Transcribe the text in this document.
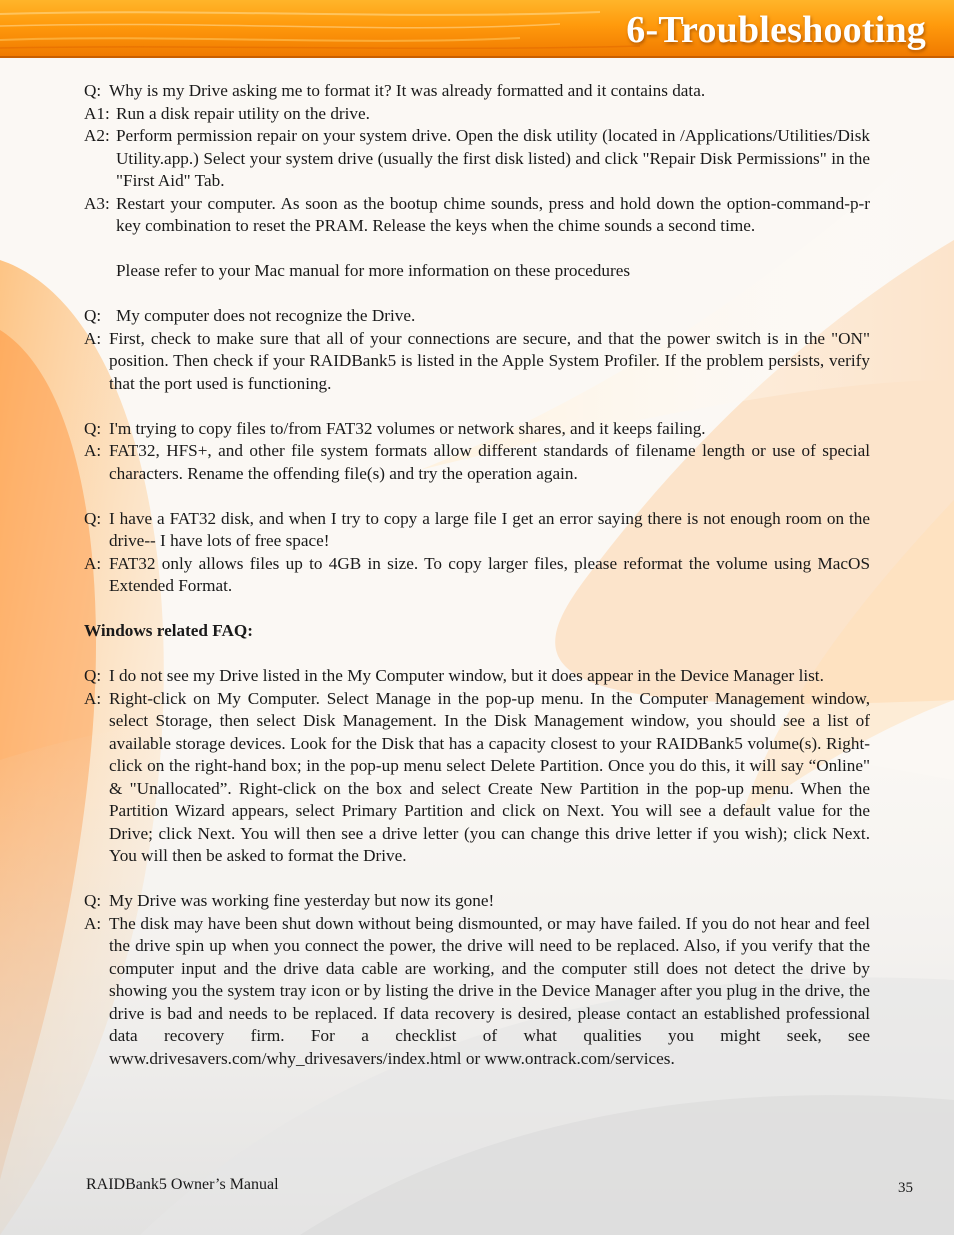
6-Troubleshooting
Q: Why is my Drive asking me to format it? It was already formatted and it contains data.
A1: Run a disk repair utility on the drive.
A2: Perform permission repair on your system drive. Open the disk utility (located in /Applications/Utilities/Disk Utility.app.) Select your system drive (usually the first disk listed) and click "Repair Disk Permissions" in the "First Aid" Tab.
A3: Restart your computer. As soon as the bootup chime sounds, press and hold down the option-command-p-r key combination to reset the PRAM. Release the keys when the chime sounds a second time.
Please refer to your Mac manual for more information on these procedures
Q: My computer does not recognize the Drive.
A: First, check to make sure that all of your connections are secure, and that the power switch is in the "ON" position. Then check if your RAIDBank5 is listed in the Apple System Profiler. If the problem persists, verify that the port used is functioning.
Q: I'm trying to copy files to/from FAT32 volumes or network shares, and it keeps failing.
A: FAT32, HFS+, and other file system formats allow different standards of filename length or use of special characters. Rename the offending file(s) and try the operation again.
Q: I have a FAT32 disk, and when I try to copy a large file I get an error saying there is not enough room on the drive-- I have lots of free space!
A: FAT32 only allows files up to 4GB in size. To copy larger files, please reformat the volume using MacOS Extended Format.
Windows related FAQ:
Q: I do not see my Drive listed in the My Computer window, but it does appear in the Device Manager list.
A: Right-click on My Computer. Select Manage in the pop-up menu. In the Computer Management window, select Storage, then select Disk Management. In the Disk Management window, you should see a list of available storage devices. Look for the Disk that has a capacity closest to your RAIDBank5 volume(s). Right-click on the right-hand box; in the pop-up menu select Delete Partition. Once you do this, it will say “Online" & "Unallocated”. Right-click on the box and select Create New Partition in the pop-up menu. When the Partition Wizard appears, select Primary Partition and click on Next. You will see a default value for the Drive; click Next. You will then see a drive letter (you can change this drive letter if you wish); click Next. You will then be asked to format the Drive.
Q: My Drive was working fine yesterday but now its gone!
A: The disk may have been shut down without being dismounted, or may have failed. If you do not hear and feel the drive spin up when you connect the power, the drive will need to be replaced. Also, if you verify that the computer input and the drive data cable are working, and the computer still does not detect the drive by showing you the system tray icon or by listing the drive in the Device Manager after you plug in the drive, the drive is bad and needs to be replaced. If data recovery is desired, please contact an established professional data recovery firm. For a checklist of what qualities you might seek, see www.drivesavers.com/why_drivesavers/index.html or www.ontrack.com/services.
RAIDBank5 Owner’s Manual	35
